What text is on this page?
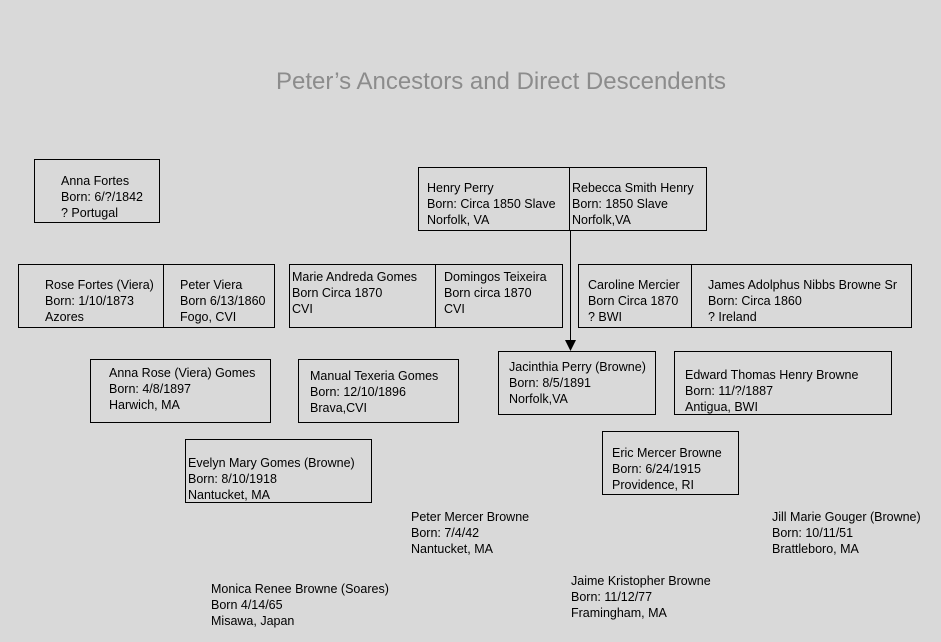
Peter’s Ancestors and Direct Descendents
Anna Fortes
Born: 6/?/1842
? Portugal
Henry Perry
Born: Circa 1850 Slave
Norfolk, VA
Rebecca Smith Henry
Born: 1850 Slave
Norfolk,VA
Rose Fortes (Viera)
Born: 1/10/1873
Azores
Peter Viera
Born 6/13/1860
Fogo, CVI
Marie Andreda Gomes
Born Circa 1870
CVI
Domingos Teixeira
Born circa 1870
CVI
Caroline Mercier
Born Circa 1870
? BWI
James Adolphus Nibbs Browne Sr
Born: Circa 1860
? Ireland
Anna Rose (Viera) Gomes
Born: 4/8/1897
Harwich, MA
Manual Texeria Gomes
Born: 12/10/1896
Brava,CVI
Jacinthia Perry (Browne)
Born: 8/5/1891
Norfolk,VA
Edward Thomas Henry Browne
Born: 11/?/1887
Antigua, BWI
Evelyn Mary Gomes (Browne)
Born: 8/10/1918
Nantucket, MA
Eric Mercer Browne
Born: 6/24/1915
Providence, RI
Peter Mercer Browne
Born: 7/4/42
Nantucket, MA
Jill Marie Gouger (Browne)
Born: 10/11/51
Brattleboro, MA
Monica Renee Browne (Soares)
Born 4/14/65
Misawa, Japan
Jaime Kristopher Browne
Born: 11/12/77
Framingham, MA
